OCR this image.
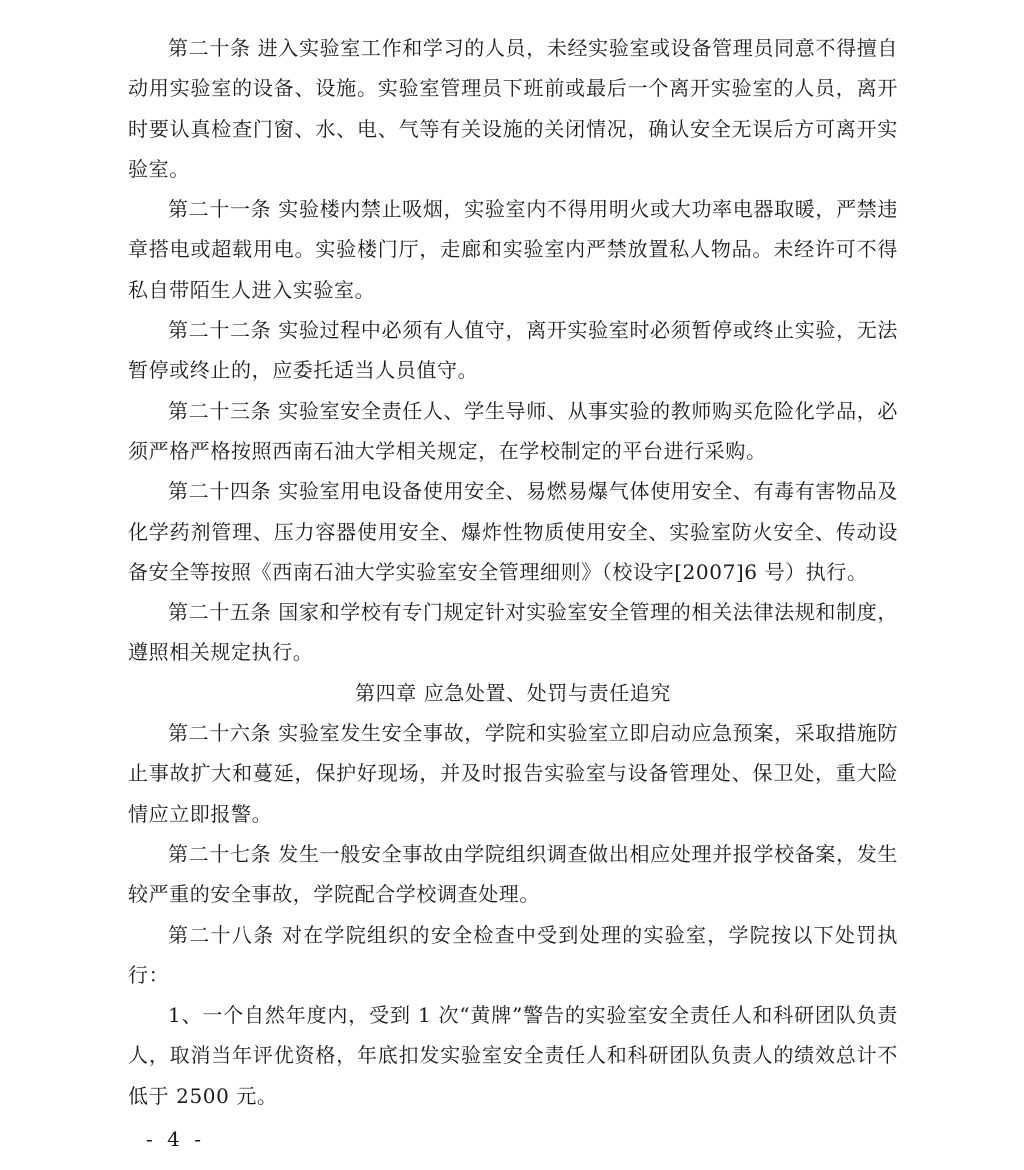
第二十条 进入实验室工作和学习的人员，未经实验室或设备管理员同意不得擅自动用实验室的设备、设施。实验室管理员下班前或最后一个离开实验室的人员，离开时要认真检查门窗、水、电、气等有关设施的关闭情况，确认安全无误后方可离开实验室。

第二十一条 实验楼内禁止吸烟，实验室内不得用明火或大功率电器取暖，严禁违章搭电或超载用电。实验楼门厅，走廊和实验室内严禁放置私人物品。未经许可不得私自带陌生人进入实验室。

第二十二条 实验过程中必须有人值守，离开实验室时必须暂停或终止实验，无法暂停或终止的，应委托适当人员值守。

第二十三条 实验室安全责任人、学生导师、从事实验的教师购买危险化学品，必须严格严格按照西南石油大学相关规定，在学校制定的平台进行采购。

第二十四条 实验室用电设备使用安全、易燃易爆气体使用安全、有毒有害物品及化学药剂管理、压力容器使用安全、爆炸性物质使用安全、实验室防火安全、传动设备安全等按照《西南石油大学实验室安全管理细则》（校设字[2007]6 号）执行。

第二十五条 国家和学校有专门规定针对实验室安全管理的相关法律法规和制度，遵照相关规定执行。

第四章 应急处置、处罚与责任追究

第二十六条 实验室发生安全事故，学院和实验室立即启动应急预案，采取措施防止事故扩大和蔓延，保护好现场，并及时报告实验室与设备管理处、保卫处，重大险情应立即报警。

第二十七条 发生一般安全事故由学院组织调查做出相应处理并报学校备案，发生较严重的安全事故，学院配合学校调查处理。

第二十八条 对在学院组织的安全检查中受到处理的实验室，学院按以下处罚执行：

1、一个自然年度内，受到 1 次“黄牌”警告的实验室安全责任人和科研团队负责人，取消当年评优资格，年底扣发实验室安全责任人和科研团队负责人的绩效总计不低于 2500 元。

- 4 -
